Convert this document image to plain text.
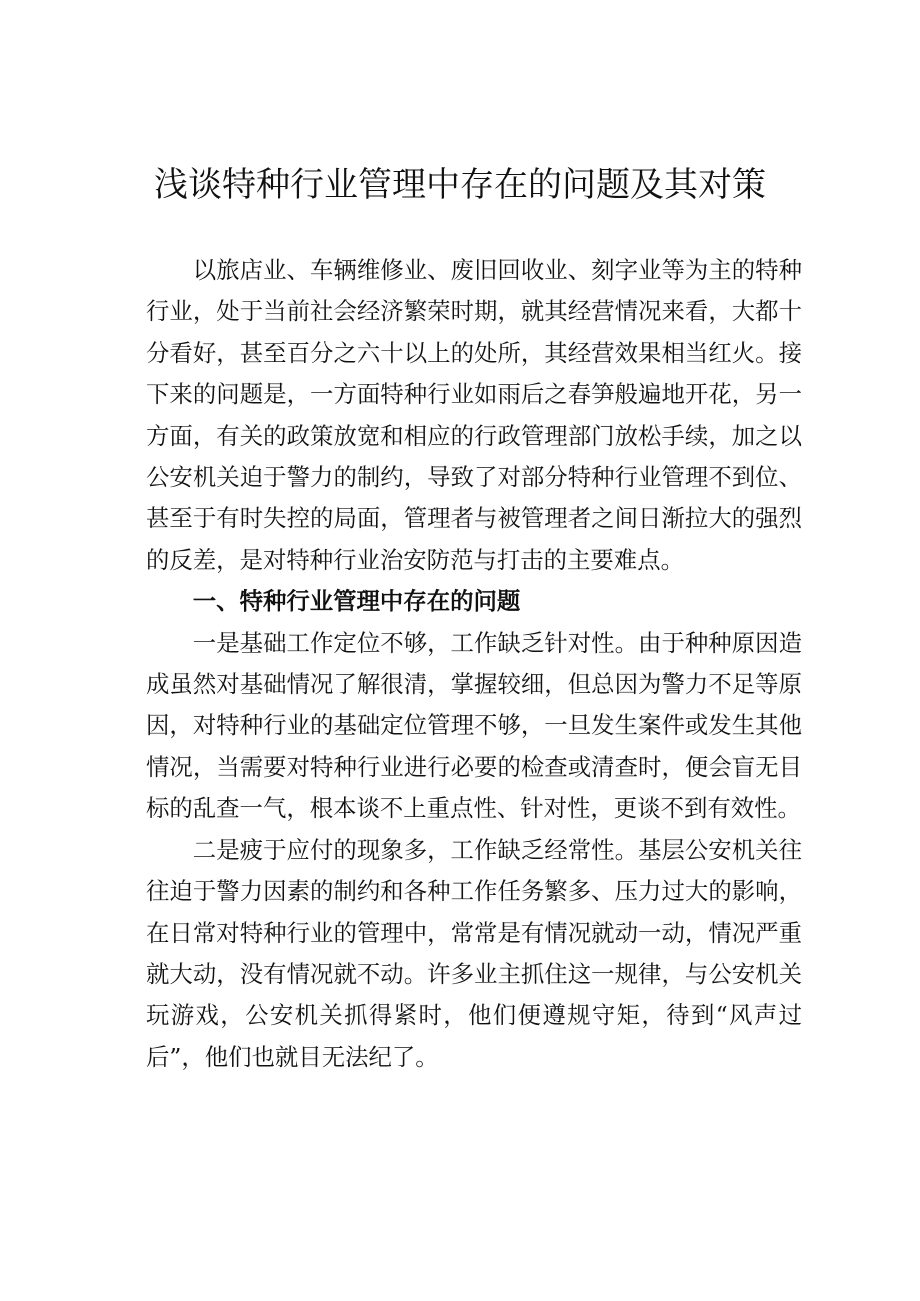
浅谈特种行业管理中存在的问题及其对策

以旅店业、车辆维修业、废旧回收业、刻字业等为主的特种行业，处于当前社会经济繁荣时期，就其经营情况来看，大都十分看好，甚至百分之六十以上的处所，其经营效果相当红火。接下来的问题是，一方面特种行业如雨后之春笋般遍地开花，另一方面，有关的政策放宽和相应的行政管理部门放松手续，加之以公安机关迫于警力的制约，导致了对部分特种行业管理不到位、甚至于有时失控的局面，管理者与被管理者之间日渐拉大的强烈的反差，是对特种行业治安防范与打击的主要难点。

一、特种行业管理中存在的问题

一是基础工作定位不够，工作缺乏针对性。由于种种原因造成虽然对基础情况了解很清，掌握较细，但总因为警力不足等原因，对特种行业的基础定位管理不够，一旦发生案件或发生其他情况，当需要对特种行业进行必要的检查或清查时，便会盲无目标的乱查一气，根本谈不上重点性、针对性，更谈不到有效性。

二是疲于应付的现象多，工作缺乏经常性。基层公安机关往往迫于警力因素的制约和各种工作任务繁多、压力过大的影响，在日常对特种行业的管理中，常常是有情况就动一动，情况严重就大动，没有情况就不动。许多业主抓住这一规律，与公安机关玩游戏，公安机关抓得紧时，他们便遵规守矩，待到“风声过后”，他们也就目无法纪了。
